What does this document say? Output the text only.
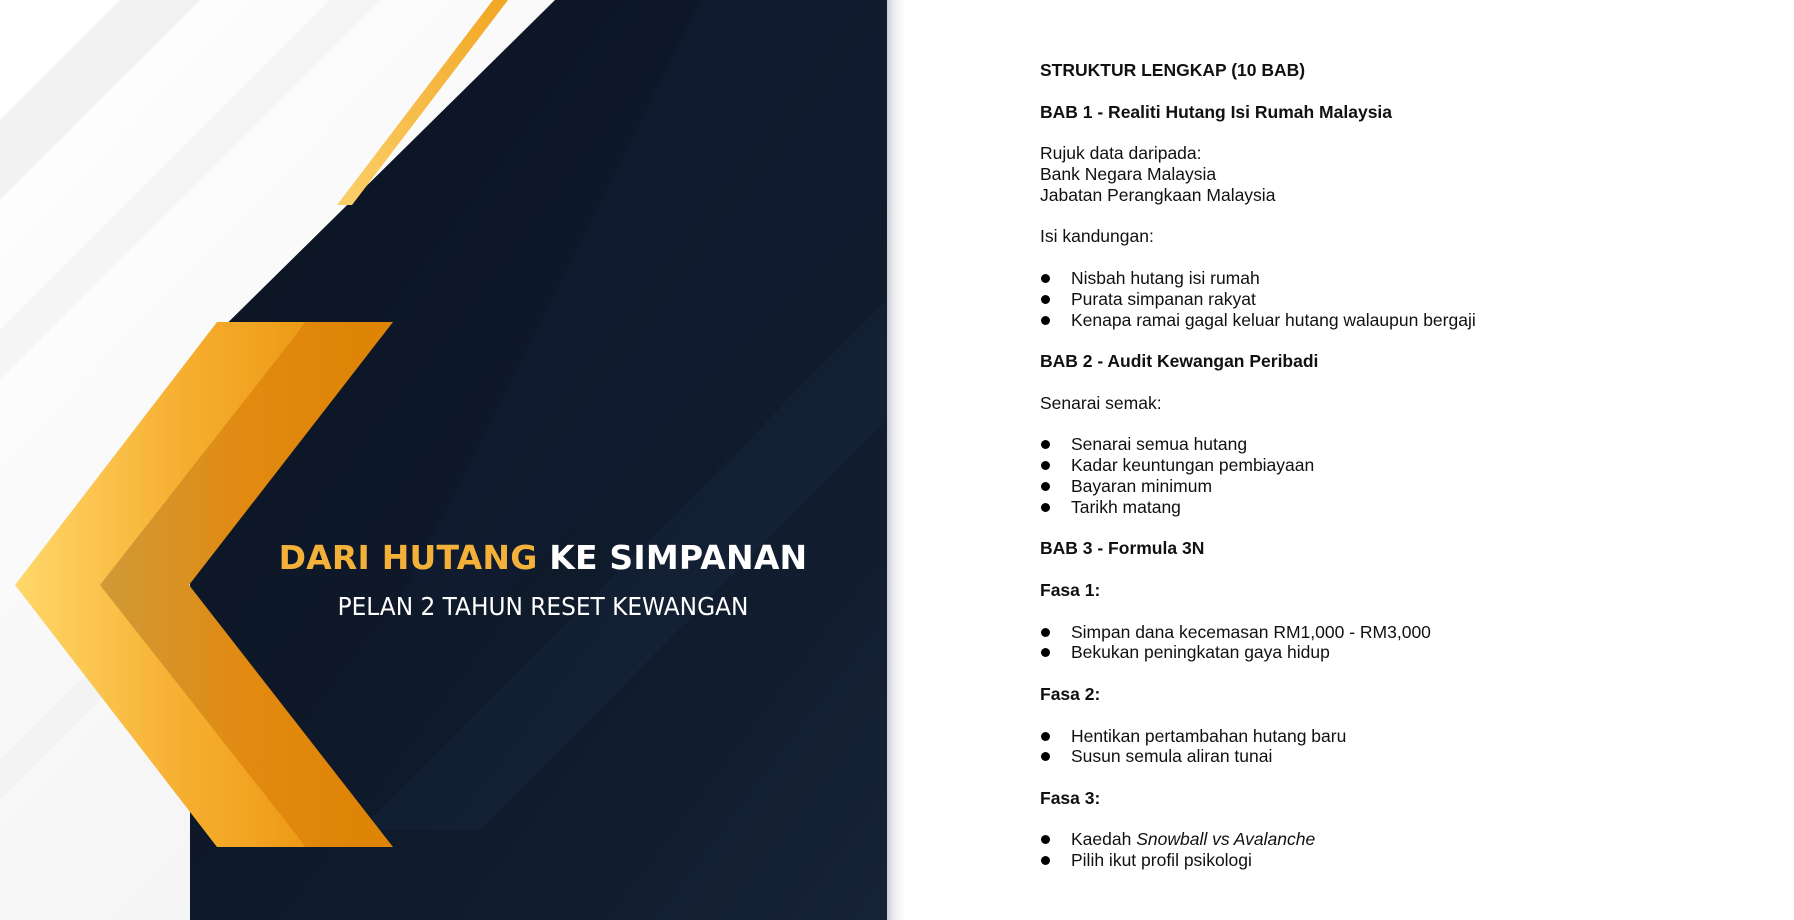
DARI HUTANG KE SIMPANAN
PELAN 2 TAHUN RESET KEWANGAN

STRUKTUR LENGKAP (10 BAB)

BAB 1 - Realiti Hutang Isi Rumah Malaysia

Rujuk data daripada:

Bank Negara Malaysia

Jabatan Perangkaan Malaysia

Isi kandungan:

Nisbah hutang isi rumah
Purata simpanan rakyat
Kenapa ramai gagal keluar hutang walaupun bergaji

BAB 2 - Audit Kewangan Peribadi

Senarai semak:

Senarai semua hutang
Kadar keuntungan pembiayaan
Bayaran minimum
Tarikh matang

BAB 3 - Formula 3N

Fasa 1:

Simpan dana kecemasan RM1,000 - RM3,000
Bekukan peningkatan gaya hidup

Fasa 2:

Hentikan pertambahan hutang baru
Susun semula aliran tunai

Fasa 3:

Kaedah Snowball vs Avalanche
Pilih ikut profil psikologi
